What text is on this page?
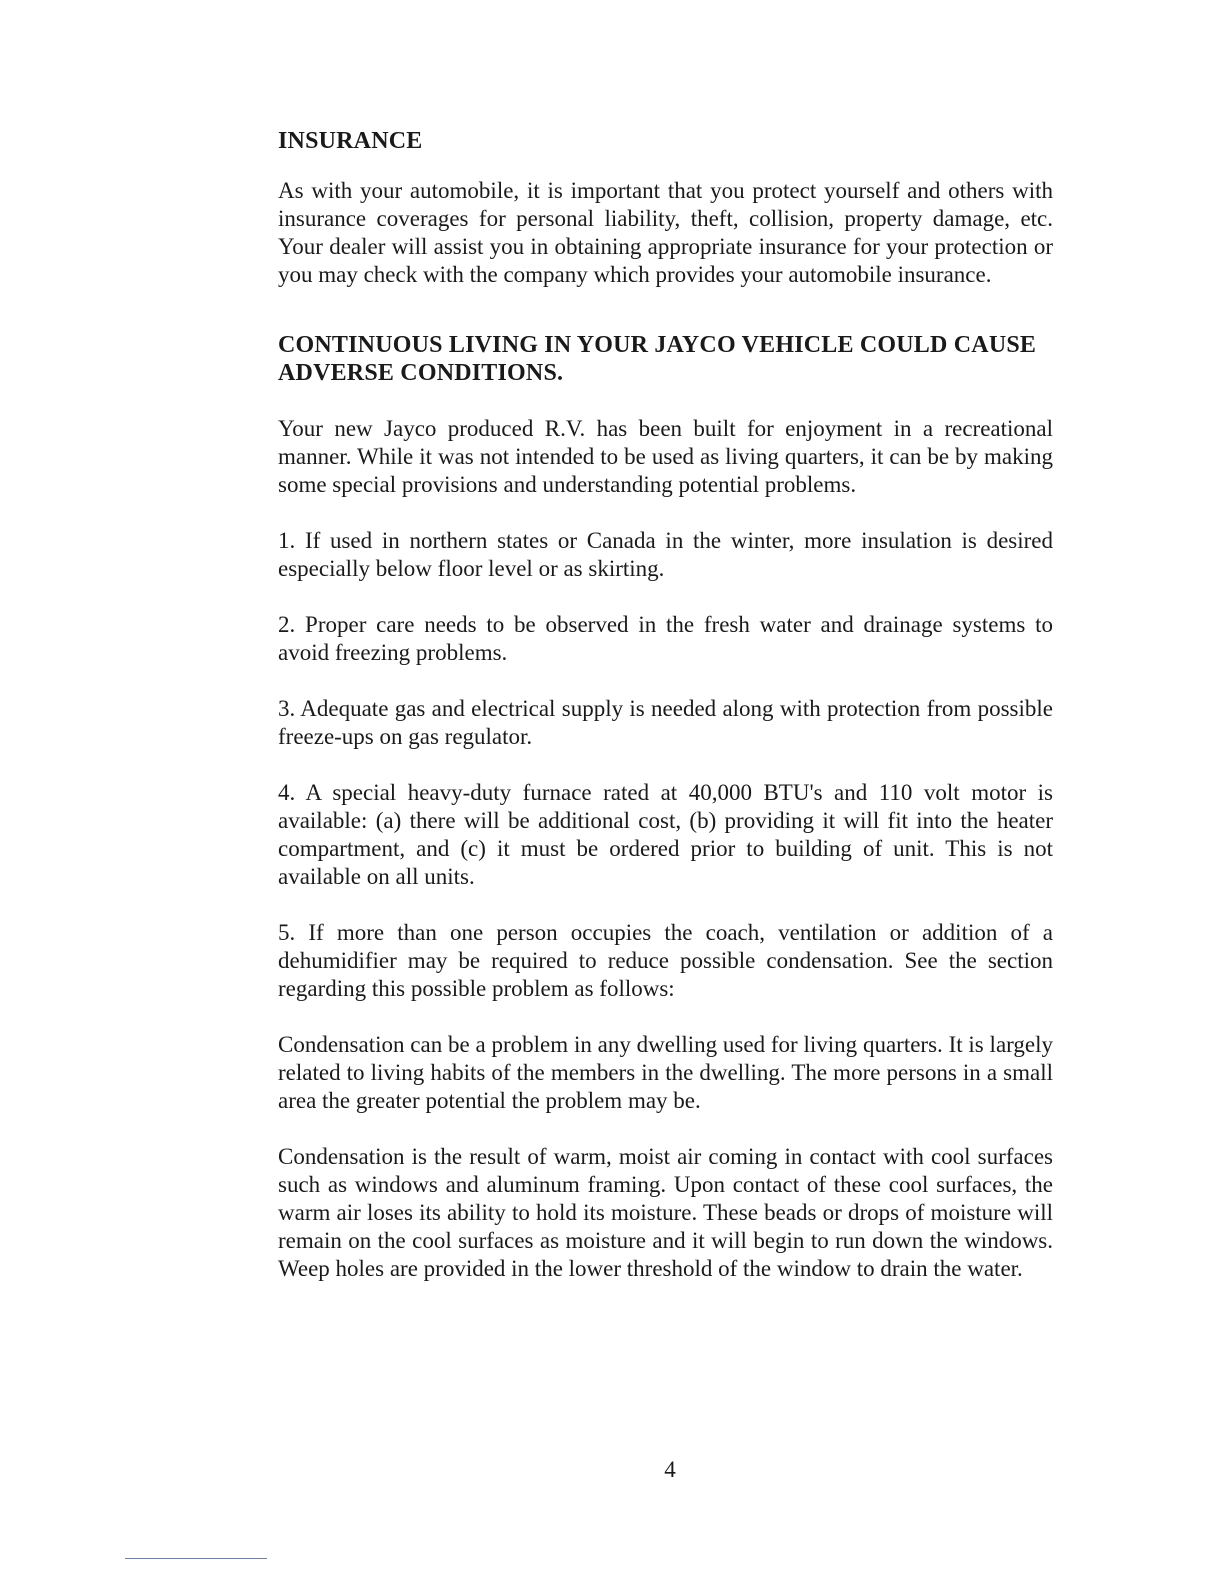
INSURANCE

As with your automobile, it is important that you protect yourself and others with insurance coverages for personal liability, theft, collision, property damage, etc. Your dealer will assist you in obtaining appropriate insurance for your protection or you may check with the company which provides your automobile insurance.

CONTINUOUS LIVING IN YOUR JAYCO VEHICLE COULD CAUSE ADVERSE CONDITIONS.

Your new Jayco produced R.V. has been built for enjoyment in a recreational manner. While it was not intended to be used as living quarters, it can be by making some special provisions and understanding potential problems.

1. If used in northern states or Canada in the winter, more insulation is desired especially below floor level or as skirting.

2. Proper care needs to be observed in the fresh water and drainage systems to avoid freezing problems.

3. Adequate gas and electrical supply is needed along with protection from possible freeze-ups on gas regulator.

4. A special heavy-duty furnace rated at 40,000 BTU's and 110 volt motor is available: (a) there will be additional cost, (b) providing it will fit into the heater compartment, and (c) it must be ordered prior to building of unit. This is not available on all units.

5. If more than one person occupies the coach, ventilation or addition of a dehumidifier may be required to reduce possible condensation. See the section regarding this possible problem as follows:

Condensation can be a problem in any dwelling used for living quarters. It is largely related to living habits of the members in the dwelling. The more persons in a small area the greater potential the problem may be.

Condensation is the result of warm, moist air coming in contact with cool surfaces such as windows and aluminum framing. Upon contact of these cool surfaces, the warm air loses its ability to hold its moisture. These beads or drops of moisture will remain on the cool surfaces as moisture and it will begin to run down the windows. Weep holes are provided in the lower threshold of the window to drain the water.

4
